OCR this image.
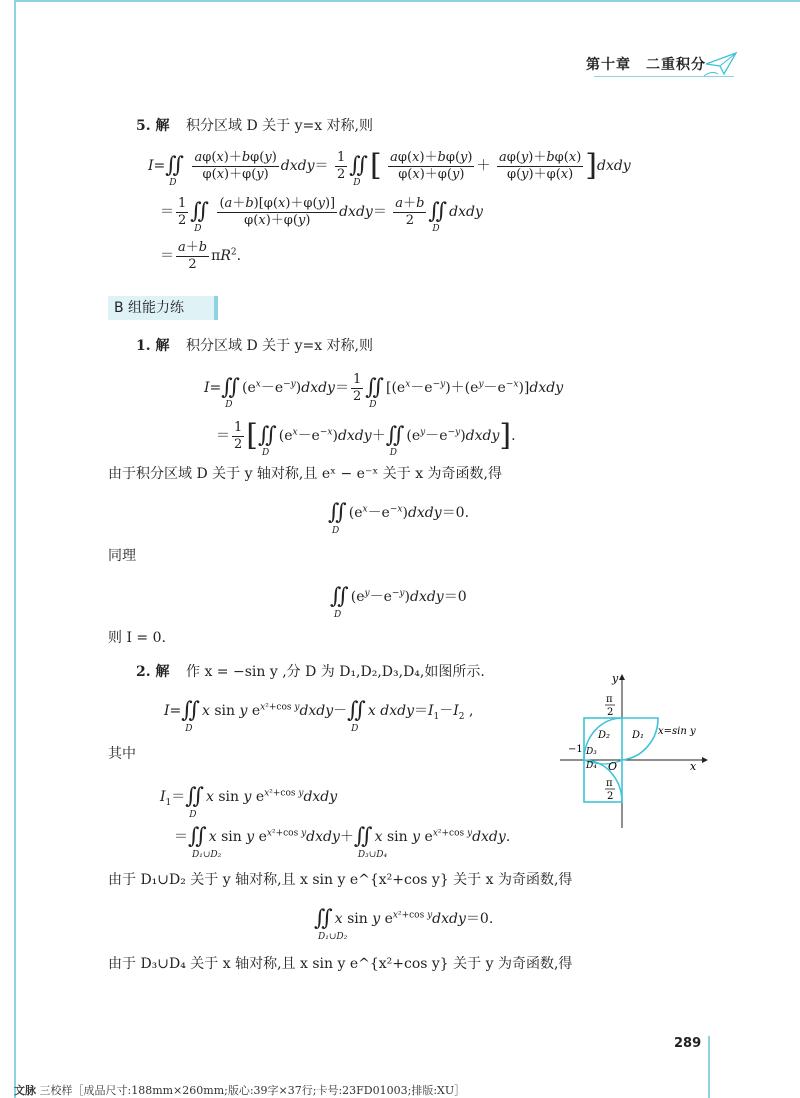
第十章　二重积分
5. 解 积分区域 D 关于 y=x 对称,则
I=∬
D

$\frac{a\varphi(x)+b\varphi(y)}{\varphi(x)+\varphi(y)}$ dxdy＝ $\frac{1}{2}$ ∬
D
[ $\frac{a\varphi(x)+b\varphi(y)}{\varphi(x)+\varphi(y)} + \frac{a\varphi(y)+b\varphi(x)}{\varphi(y)+\varphi(x)}$ ]dxdy
＝ $\frac{1}{2}$ ∬
D

$\frac{(a+b)[\varphi(x)+\varphi(y)]}{\varphi(x)+\varphi(y)}$ dxdy＝ $\frac{a+b}{2}$ ∬
D
dxdy
＝ $\frac{a+b}{2} \pi R^2$.
B 组能力练
1. 解 积分区域 D 关于 y=x 对称,则
I=∬
D
$(e^x-e^{-y})dxdy= \frac{1}{2}$ ∬
D
$[(e^x-e^{-y})+(e^y-e^{-x})]dxdy$
＝ $\frac{1}{2}$ [∬
D
$(e^x-e^{-x})dxdy+∬$
D
$(e^y-e^{-y})dxdy$].
由于积分区域 D 关于 y 轴对称,且 eˣ − e⁻ˣ 关于 x 为奇函数,得
∬
D
$(e^x-e^{-x})dxdy=0$.
同理
∬
D
$(e^y-e^{-y})dxdy=0$
则 I = 0.
2. 解 作 x = −sin y ,分 D 为 D₁,D₂,D₃,D₄,如图所示.
I=∬
D
x sin y $e^{x^2+cos y}dxdy-∬$
D
x $dxdy=I_1-I_2$ ,
其中
$I_1=∬$
D
x sin y $e^{x^2+cos y}dxdy$
＝∬
D₁∪D₂
x sin y $e^{x^2+cos y}dxdy+∬$
D₃∪D₄
x sin y $e^{x^2+cos y}dxdy$.
由于 D₁∪D₂ 关于 y 轴对称,且 x sin y e^{x²+cos y} 关于 x 为奇函数,得
∬
D₁∪D₂
x sin y $e^{x^2+cos y}dxdy=0$.
由于 D₃∪D₄ 关于 x 轴对称,且 x sin y e^{x²+cos y} 关于 y 为奇函数,得
y
x
O
π
2
π
2
−1
D₁
D₂
D₃
D₄
x=sin y
289
文脉 三校样［成品尺寸:188mm×260mm;版心:39字×37行;卡号:23FD01003;排版:XU］
